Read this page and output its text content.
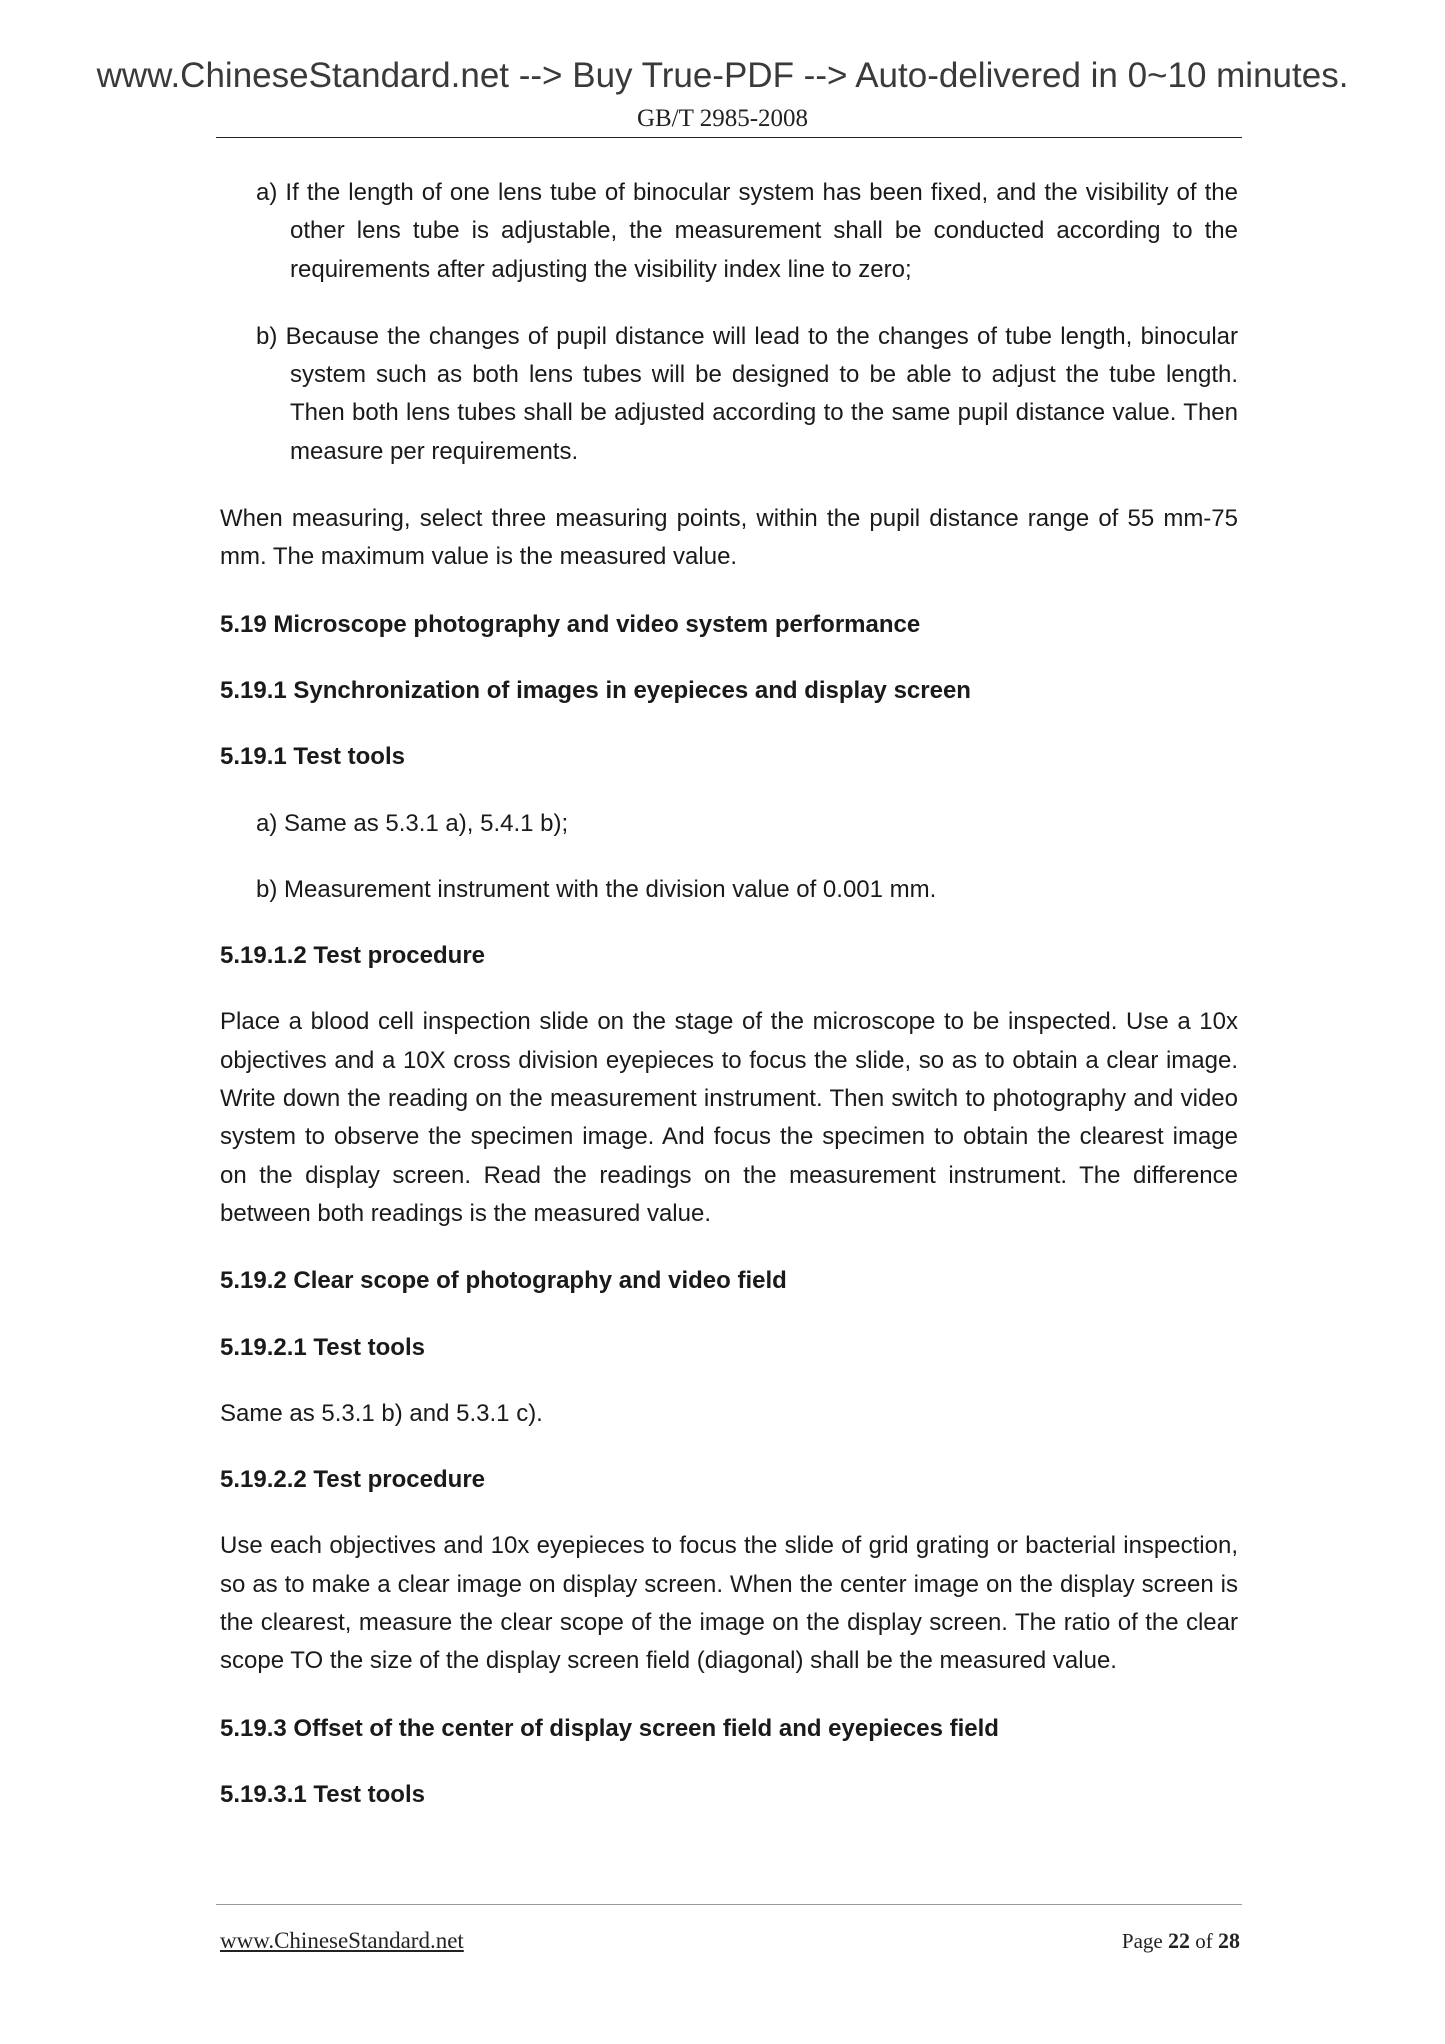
www.ChineseStandard.net --> Buy True-PDF --> Auto-delivered in 0~10 minutes.
GB/T 2985-2008

a) If the length of one lens tube of binocular system has been fixed, and the visibility of the other lens tube is adjustable, the measurement shall be conducted according to the requirements after adjusting the visibility index line to zero;

b) Because the changes of pupil distance will lead to the changes of tube length, binocular system such as both lens tubes will be designed to be able to adjust the tube length. Then both lens tubes shall be adjusted according to the same pupil distance value. Then measure per requirements.

When measuring, select three measuring points, within the pupil distance range of 55 mm-75 mm. The maximum value is the measured value.

5.19 Microscope photography and video system performance

5.19.1 Synchronization of images in eyepieces and display screen

5.19.1 Test tools

a) Same as 5.3.1 a), 5.4.1 b);

b) Measurement instrument with the division value of 0.001 mm.

5.19.1.2 Test procedure

Place a blood cell inspection slide on the stage of the microscope to be inspected. Use a 10x objectives and a 10X cross division eyepieces to focus the slide, so as to obtain a clear image. Write down the reading on the measurement instrument. Then switch to photography and video system to observe the specimen image. And focus the specimen to obtain the clearest image on the display screen. Read the readings on the measurement instrument. The difference between both readings is the measured value.

5.19.2 Clear scope of photography and video field

5.19.2.1 Test tools

Same as 5.3.1 b) and 5.3.1 c).

5.19.2.2 Test procedure

Use each objectives and 10x eyepieces to focus the slide of grid grating or bacterial inspection, so as to make a clear image on display screen. When the center image on the display screen is the clearest, measure the clear scope of the image on the display screen. The ratio of the clear scope TO the size of the display screen field (diagonal) shall be the measured value.

5.19.3 Offset of the center of display screen field and eyepieces field

5.19.3.1 Test tools

www.ChineseStandard.net	Page 22 of 28
